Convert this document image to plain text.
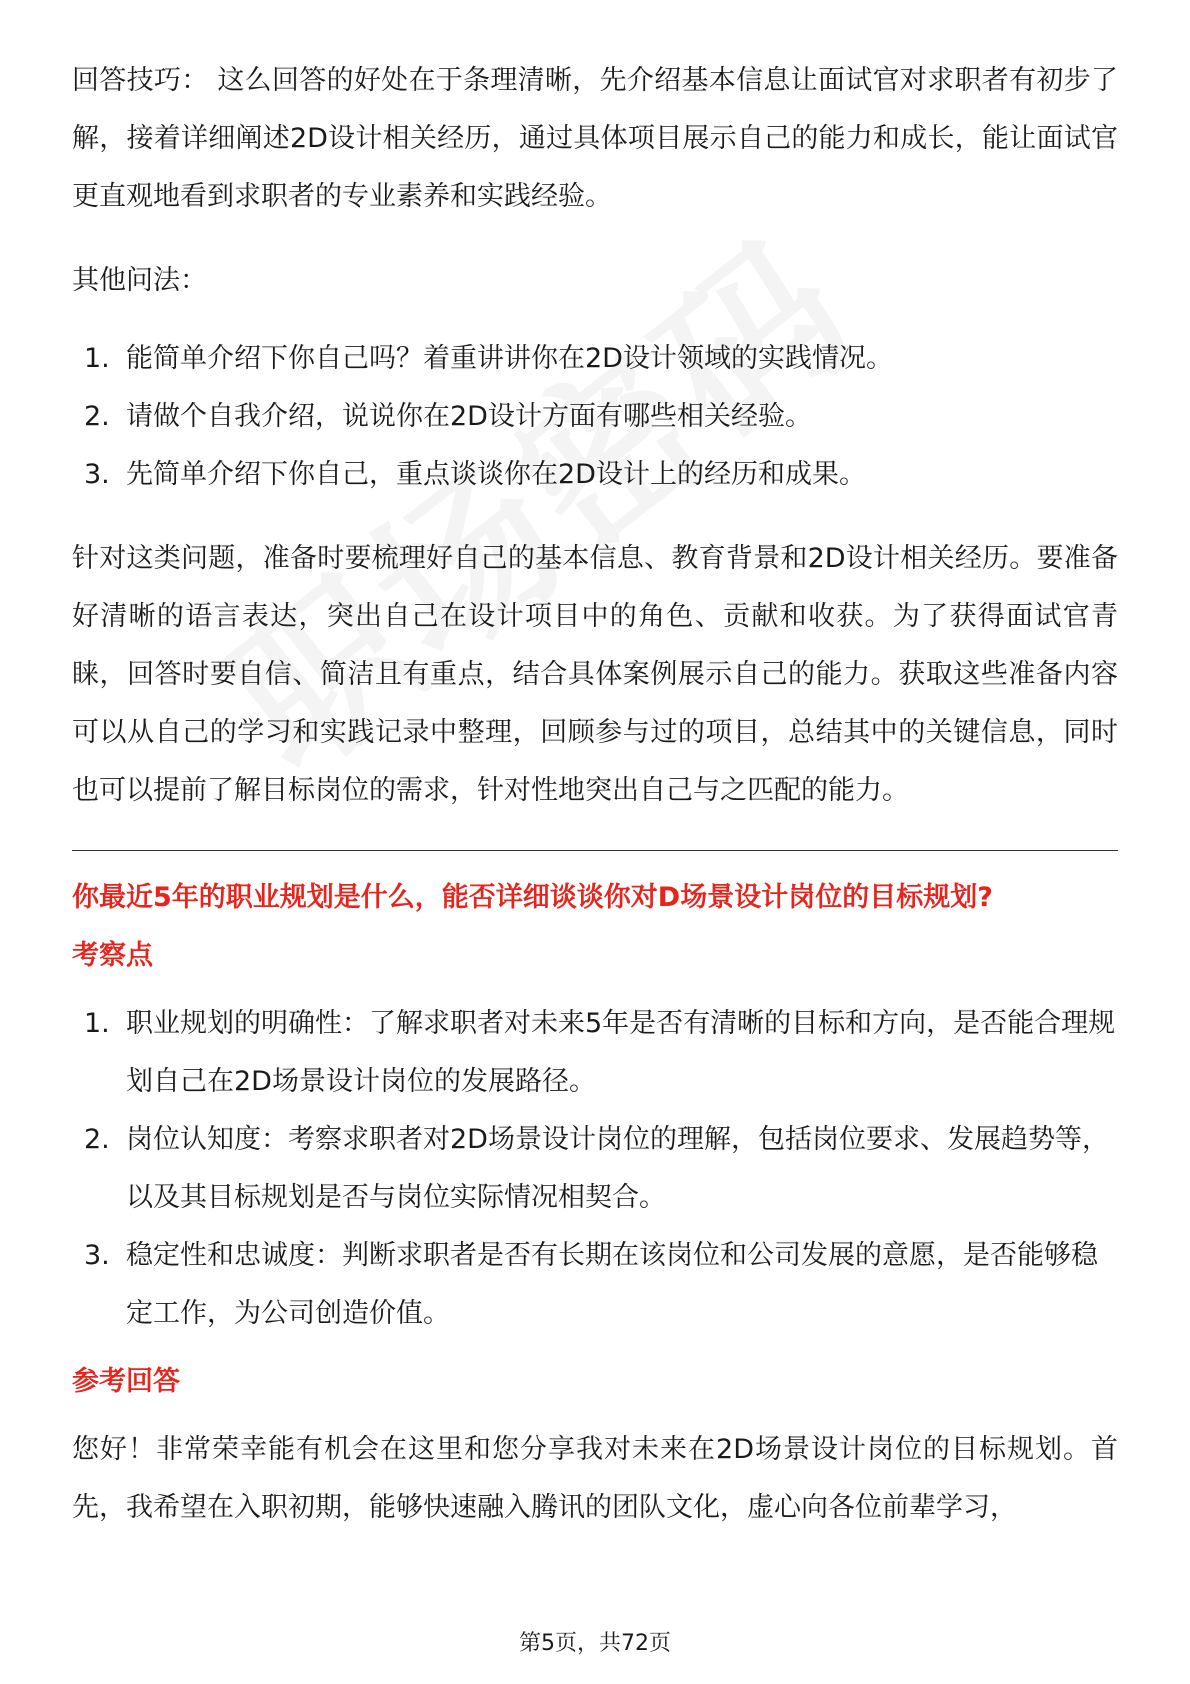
回答技巧： 这么回答的好处在于条理清晰，先介绍基本信息让面试官对求职者有初步了解，接着详细阐述2D设计相关经历，通过具体项目展示自己的能力和成长，能让面试官更直观地看到求职者的专业素养和实践经验。

其他问法：

1. 能简单介绍下你自己吗？着重讲讲你在2D设计领域的实践情况。
2. 请做个自我介绍，说说你在2D设计方面有哪些相关经验。
3. 先简单介绍下你自己，重点谈谈你在2D设计上的经历和成果。

针对这类问题，准备时要梳理好自己的基本信息、教育背景和2D设计相关经历。要准备好清晰的语言表达，突出自己在设计项目中的角色、贡献和收获。为了获得面试官青睐，回答时要自信、简洁且有重点，结合具体案例展示自己的能力。获取这些准备内容可以从自己的学习和实践记录中整理，回顾参与过的项目，总结其中的关键信息，同时也可以提前了解目标岗位的需求，针对性地突出自己与之匹配的能力。

你最近5年的职业规划是什么，能否详细谈谈你对D场景设计岗位的目标规划?

考察点

1. 职业规划的明确性：了解求职者对未来5年是否有清晰的目标和方向，是否能合理规划自己在2D场景设计岗位的发展路径。
2. 岗位认知度：考察求职者对2D场景设计岗位的理解，包括岗位要求、发展趋势等，以及其目标规划是否与岗位实际情况相契合。
3. 稳定性和忠诚度：判断求职者是否有长期在该岗位和公司发展的意愿，是否能够稳定工作，为公司创造价值。

参考回答

您好！非常荣幸能有机会在这里和您分享我对未来在2D场景设计岗位的目标规划。首先，我希望在入职初期，能够快速融入腾讯的团队文化，虚心向各位前辈学习，

第5页，共72页
